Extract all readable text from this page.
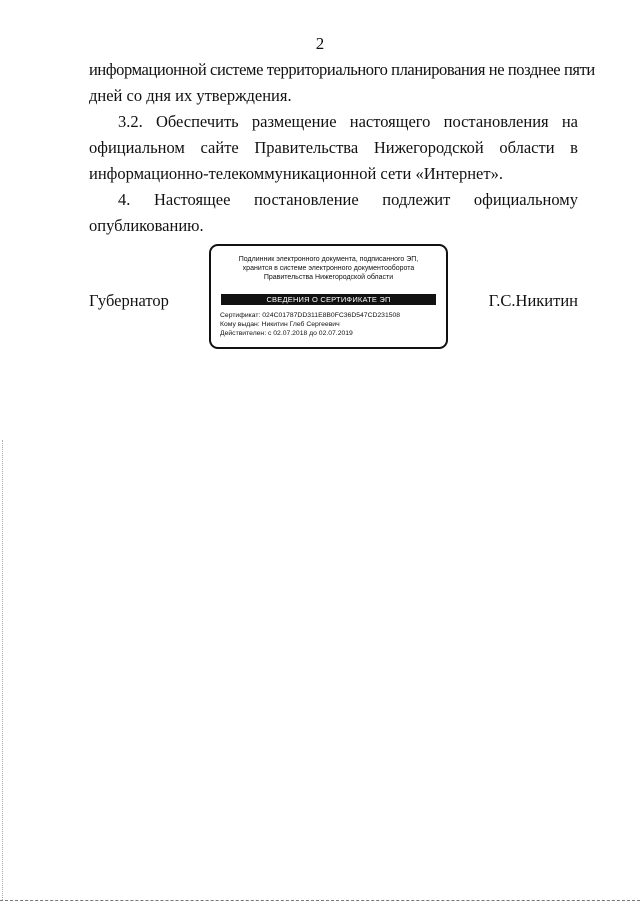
2
информационной системе территориального планирования не позднее пяти
дней со дня их утверждения.
3.2. Обеспечить размещение настоящего постановления на
официальном сайте Правительства Нижегородской области в
информационно-телекоммуникационной сети «Интернет».
4. Настоящее постановление подлежит официальному
опубликованию.
Губернатор	Г.С.Никитин
Подлинник электронного документа, подписанного ЭП,
хранится в системе электронного документооборота
Правительства Нижегородской области
СВЕДЕНИЯ О СЕРТИФИКАТЕ ЭП
Сертификат: 024C01787DD311E8B0FC36D547CD231508
Кому выдан: Никитин Глеб Сергеевич
Действителен: с 02.07.2018 до 02.07.2019
